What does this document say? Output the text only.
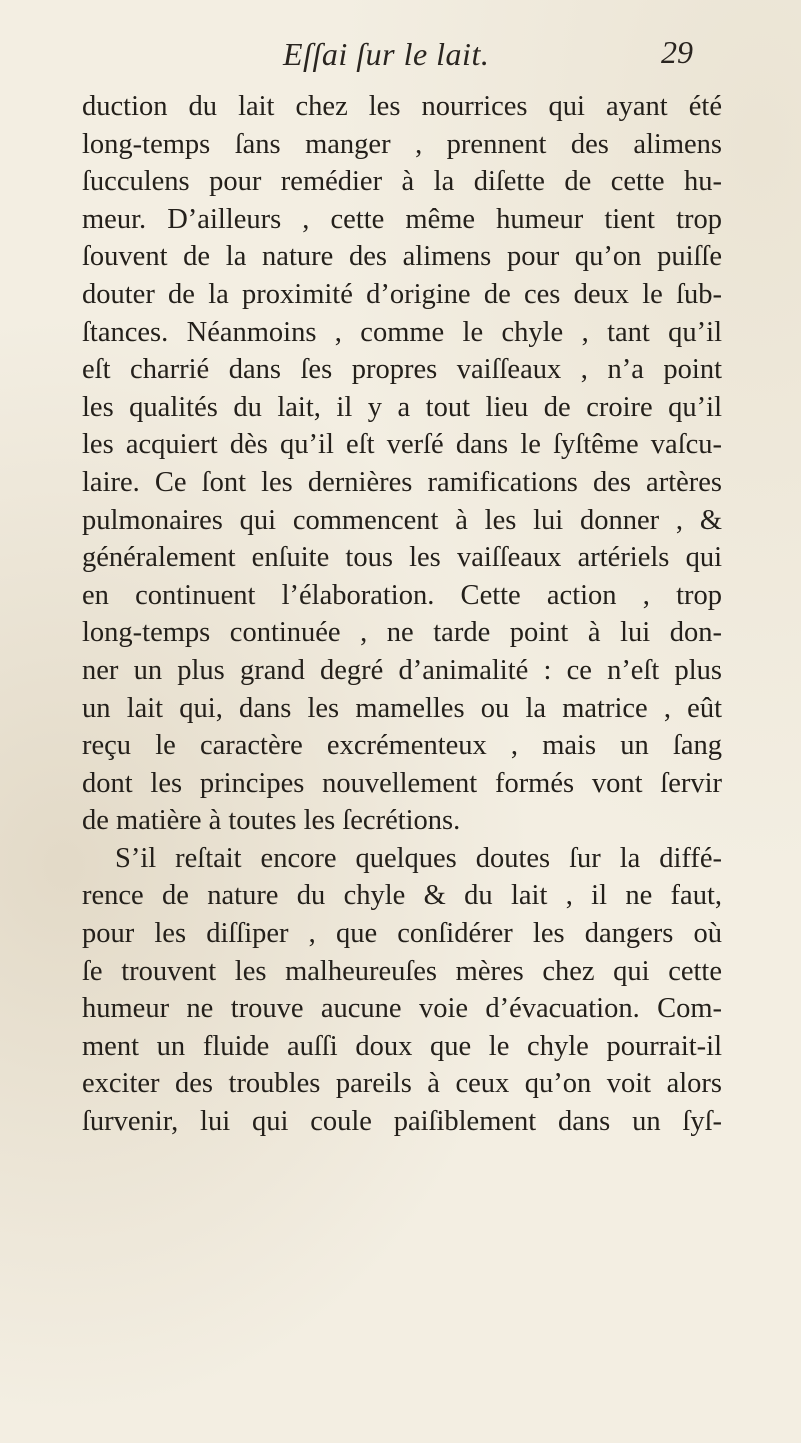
Eſſai ſur le lait.	29
duction du lait chez les nourrices qui ayant été
long-temps ſans manger , prennent des alimens
ſucculens pour remédier à la diſette de cette hu-
meur. D’ailleurs , cette même humeur tient trop
ſouvent de la nature des alimens pour qu’on puiſſe
douter de la proximité d’origine de ces deux le ſub-
ſtances. Néanmoins , comme le chyle , tant qu’il
eſt charrié dans ſes propres vaiſſeaux , n’a point
les qualités du lait, il y a tout lieu de croire qu’il
les acquiert dès qu’il eſt verſé dans le ſyſtême vaſcu-
laire. Ce ſont les dernières ramifications des artères
pulmonaires qui commencent à les lui donner , &
généralement enſuite tous les vaiſſeaux artériels qui
en continuent l’élaboration. Cette action , trop
long-temps continuée , ne tarde point à lui don-
ner un plus grand degré d’animalité : ce n’eſt plus
un lait qui, dans les mamelles ou la matrice , eût
reçu le caractère excrémenteux , mais un ſang
dont les principes nouvellement formés vont ſervir
de matière à toutes les ſecrétions.
S’il reſtait encore quelques doutes ſur la diffé-
rence de nature du chyle & du lait , il ne faut,
pour les diſſiper , que conſidérer les dangers où
ſe trouvent les malheureuſes mères chez qui cette
humeur ne trouve aucune voie d’évacuation. Com-
ment un fluide auſſi doux que le chyle pourrait-il
exciter des troubles pareils à ceux qu’on voit alors
ſurvenir, lui qui coule paiſiblement dans un ſyſ-
